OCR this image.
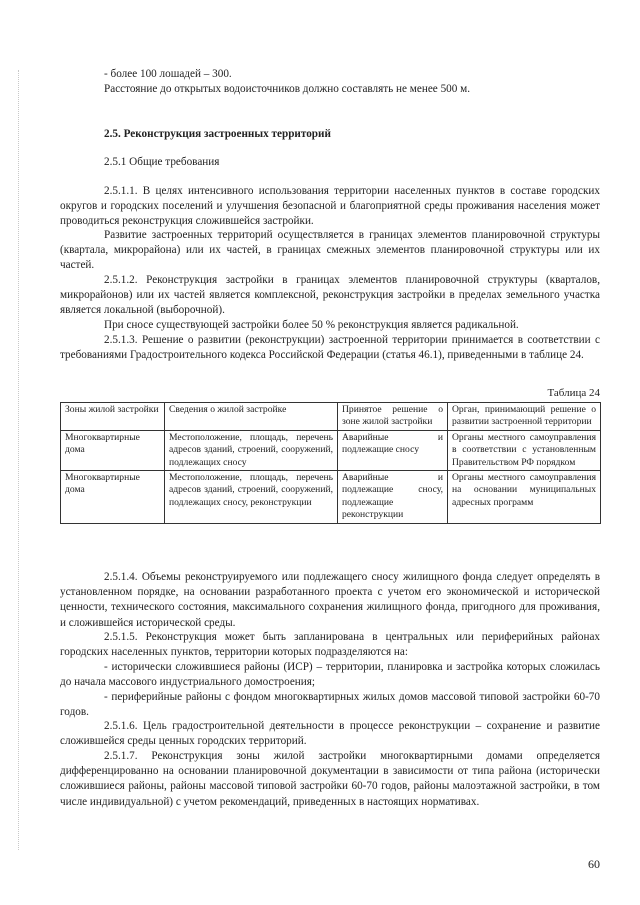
- более 100 лошадей – 300.

Расстояние до открытых водоисточников должно составлять не менее 500 м.

2.5. Реконструкция застроенных территорий

2.5.1 Общие требования

2.5.1.1. В целях интенсивного использования территории населенных пунктов в составе городских округов и городских поселений и улучшения безопасной и благоприятной среды проживания населения может проводиться реконструкция сложившейся застройки.

Развитие застроенных территорий осуществляется в границах элементов планировочной структуры (квартала, микрорайона) или их частей, в границах смежных элементов планировочной структуры или их частей.

2.5.1.2. Реконструкция застройки в границах элементов планировочной структуры (кварталов, микрорайонов) или их частей является комплексной, реконструкция застройки в пределах земельного участка является локальной (выборочной).

При сносе существующей застройки более 50 % реконструкция является радикальной.

2.5.1.3. Решение о развитии (реконструкции) застроенной территории принимается в соответствии с требованиями Градостроительного кодекса Российской Федерации (статья 46.1), приведенными в таблице 24.

Таблица 24
Зоны жилой застройки	Сведения о жилой застройке	Принятое решение о зоне жилой застройки	Орган, принимающий решение о развитии застроенной территории
Многоквартирные дома	Местоположение, площадь, перечень адресов зданий, строений, сооружений, подлежащих сносу	Аварийные и подлежащие сносу	Органы местного самоуправления в соответствии с установленным Правительством РФ порядком
Многоквартирные дома	Местоположение, площадь, перечень адресов зданий, строений, сооружений, подлежащих сносу, реконструкции	Аварийные и подлежащие сносу, подлежащие реконструкции	Органы местного самоуправления на основании муниципальных адресных программ

2.5.1.4. Объемы реконструируемого или подлежащего сносу жилищного фонда следует определять в установленном порядке, на основании разработанного проекта с учетом его экономической и исторической ценности, технического состояния, максимального сохранения жилищного фонда, пригодного для проживания, и сложившейся исторической среды.

2.5.1.5. Реконструкция может быть запланирована в центральных или периферийных районах городских населенных пунктов, территории которых подразделяются на:

- исторически сложившиеся районы (ИСР) – территории, планировка и застройка которых сложилась до начала массового индустриального домостроения;

- периферийные районы с фондом многоквартирных жилых домов массовой типовой застройки 60-70 годов.

2.5.1.6. Цель градостроительной деятельности в процессе реконструкции – сохранение и развитие сложившейся среды ценных городских территорий.

2.5.1.7. Реконструкция зоны жилой застройки многоквартирными домами определяется дифференцированно на основании планировочной документации в зависимости от типа района (исторически сложившиеся районы, районы массовой типовой застройки 60-70 годов, районы малоэтажной застройки, в том числе индивидуальной) с учетом рекомендаций, приведенных в настоящих нормативах.

60
